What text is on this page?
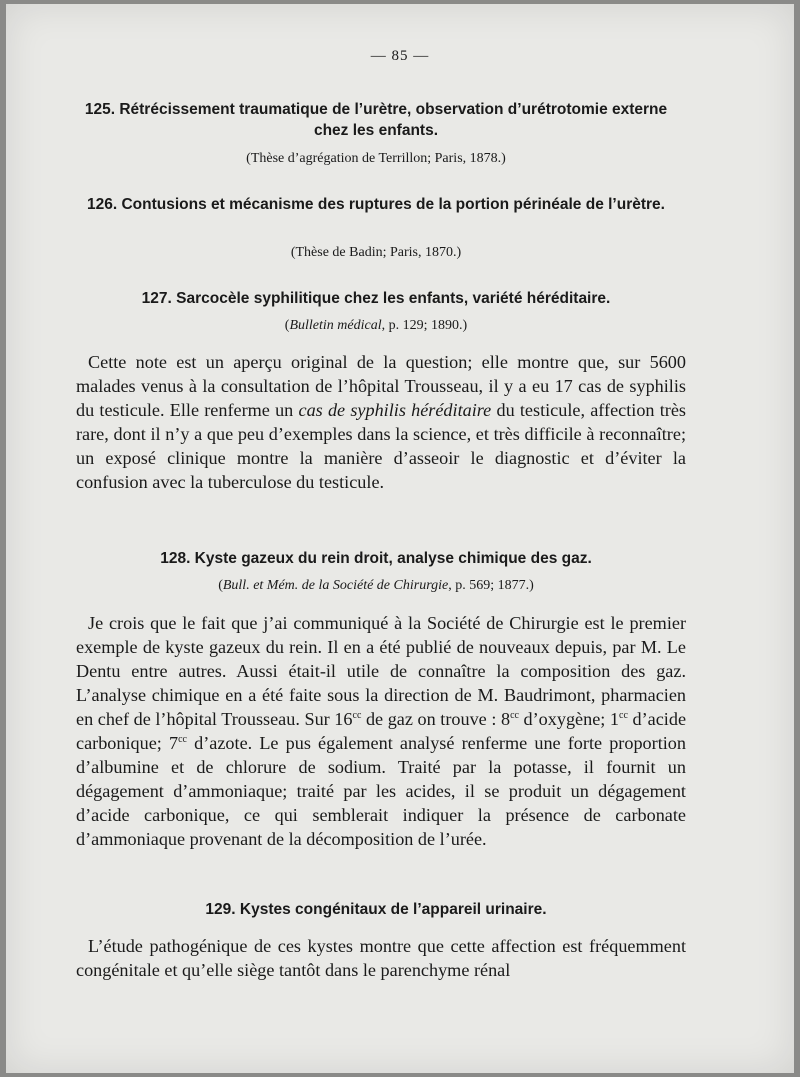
— 85 —
125. Rétrécissement traumatique de l’urètre, observation d’urétrotomie externe chez les enfants.
(Thèse d’agrégation de Terrillon; Paris, 1878.)
126. Contusions et mécanisme des ruptures de la portion périnéale de l’urètre.
(Thèse de Badin; Paris, 1870.)
127. Sarcocèle syphilitique chez les enfants, variété héréditaire.
(Bulletin médical, p. 129; 1890.)

Cette note est un aperçu original de la question; elle montre que, sur 5600 malades venus à la consultation de l’hôpital Trousseau, il y a eu 17 cas de syphilis du testicule. Elle renferme un cas de syphilis héréditaire du testicule, affection très rare, dont il n’y a que peu d’exemples dans la science, et très difficile à reconnaître; un exposé clinique montre la manière d’asseoir le diagnostic et d’éviter la confusion avec la tuberculose du testicule.

128. Kyste gazeux du rein droit, analyse chimique des gaz.
(Bull. et Mém. de la Société de Chirurgie, p. 569; 1877.)

Je crois que le fait que j’ai communiqué à la Société de Chirurgie est le premier exemple de kyste gazeux du rein. Il en a été publié de nouveaux depuis, par M. Le Dentu entre autres. Aussi était-il utile de connaître la composition des gaz. L’analyse chimique en a été faite sous la direction de M. Baudrimont, pharmacien en chef de l’hôpital Trousseau. Sur $16^{cc}$ de gaz on trouve : $8^{cc}$ d’oxygène; $1^{cc}$ d’acide carbonique; $7^{cc}$ d’azote. Le pus également analysé renferme une forte proportion d’albumine et de chlorure de sodium. Traité par la potasse, il fournit un dégagement d’ammoniaque; traité par les acides, il se produit un dégagement d’acide carbonique, ce qui semblerait indiquer la présence de carbonate d’ammoniaque provenant de la décomposition de l’urée.

129. Kystes congénitaux de l’appareil urinaire.

L’étude pathogénique de ces kystes montre que cette affection est fréquemment congénitale et qu’elle siège tantôt dans le parenchyme rénal
